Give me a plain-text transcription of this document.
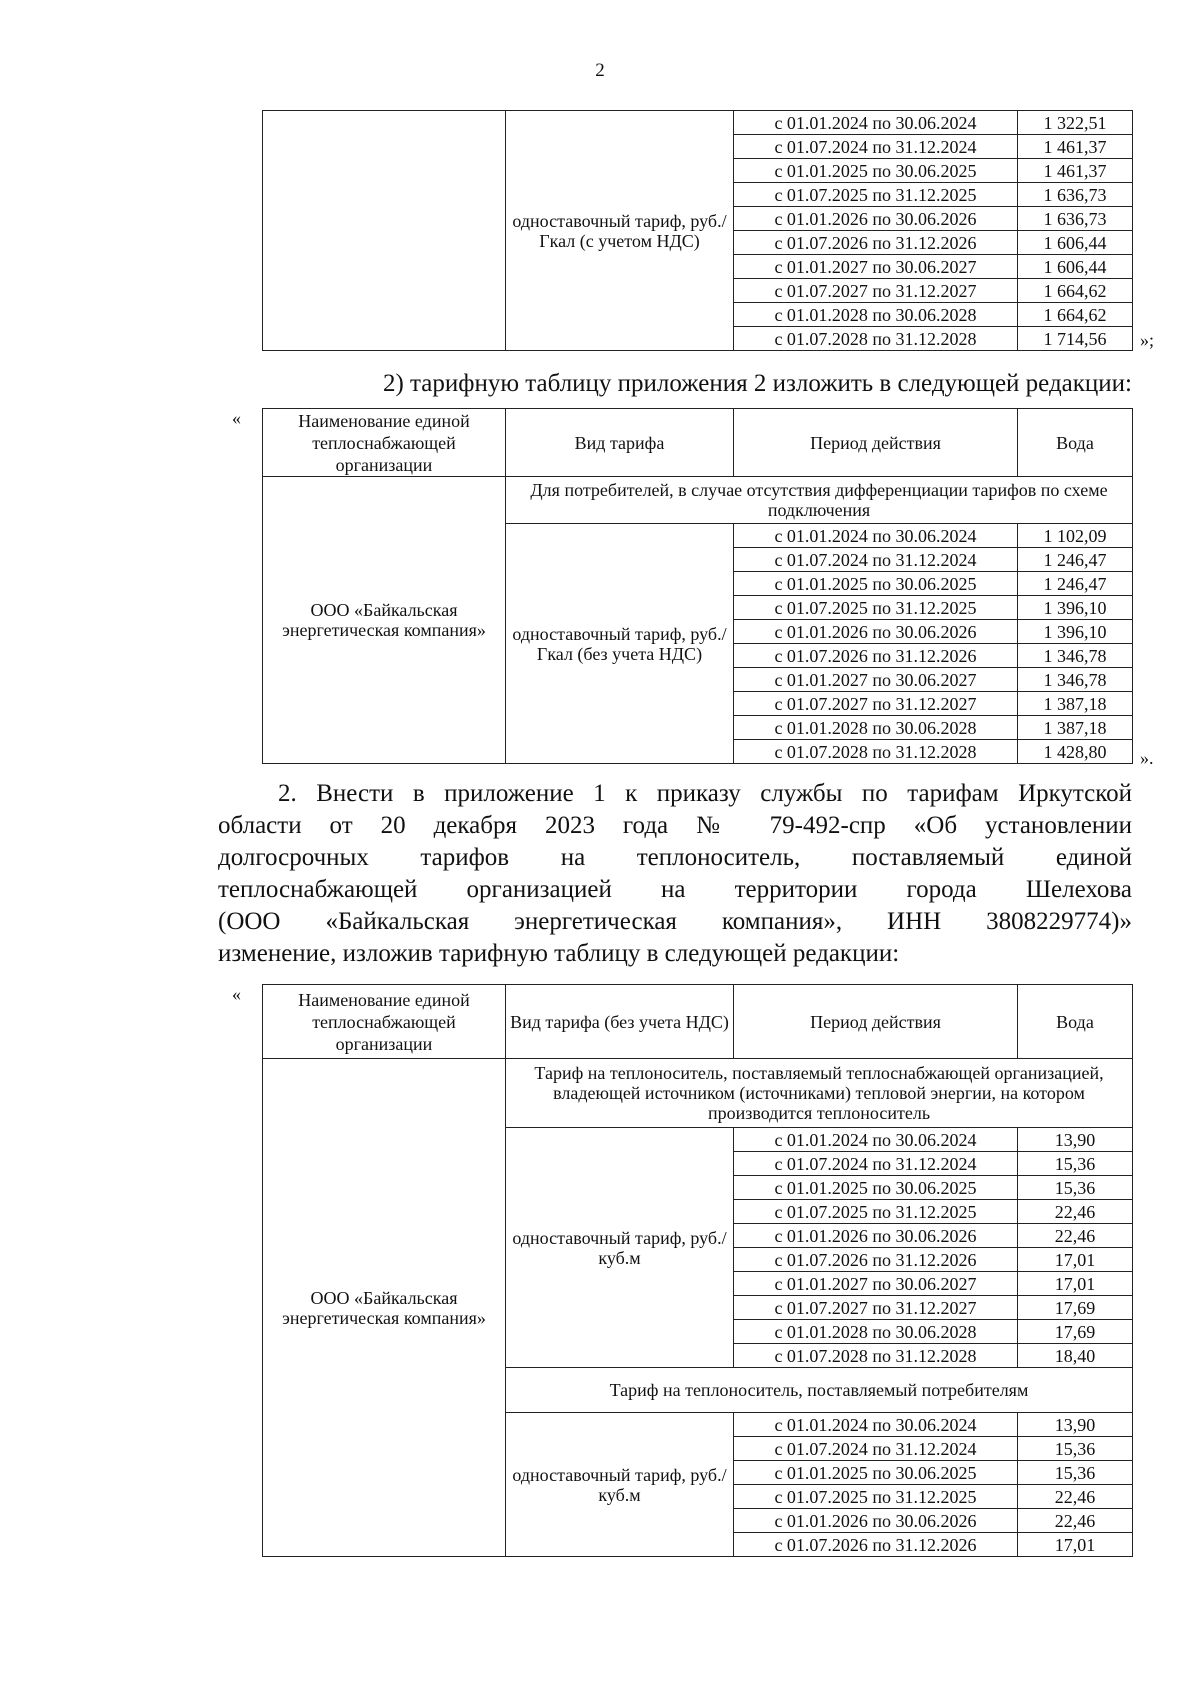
2
	одноставочный тариф, руб./Гкал (с учетом НДС)	с 01.01.2024 по 30.06.2024	1 322,51
		с 01.07.2024 по 31.12.2024	1 461,37
		с 01.01.2025 по 30.06.2025	1 461,37
		с 01.07.2025 по 31.12.2025	1 636,73
		с 01.01.2026 по 30.06.2026	1 636,73
		с 01.07.2026 по 31.12.2026	1 606,44
		с 01.01.2027 по 30.06.2027	1 606,44
		с 01.07.2027 по 31.12.2027	1 664,62
		с 01.01.2028 по 30.06.2028	1 664,62
		с 01.07.2028 по 31.12.2028	1 714,56 »;
2) тарифную таблицу приложения 2 изложить в следующей редакции:
«	Наименование единой теплоснабжающей организации	Вид тарифа	Период действия	Вода
ООО «Байкальская энергетическая компания»	Для потребителей, в случае отсутствия дифференциации тарифов по схеме подключения		
	одноставочный тариф, руб./Гкал (без учета НДС)	с 01.01.2024 по 30.06.2024	1 102,09
		с 01.07.2024 по 31.12.2024	1 246,47
		с 01.01.2025 по 30.06.2025	1 246,47
		с 01.07.2025 по 31.12.2025	1 396,10
		с 01.01.2026 по 30.06.2026	1 396,10
		с 01.07.2026 по 31.12.2026	1 346,78
		с 01.01.2027 по 30.06.2027	1 346,78
		с 01.07.2027 по 31.12.2027	1 387,18
		с 01.01.2028 по 30.06.2028	1 387,18
		с 01.07.2028 по 31.12.2028	1 428,80 ».
2. Внести в приложение 1 к приказу службы по тарифам Иркутской
области от 20 декабря 2023 года № 79-492-спр «Об установлении
долгосрочных тарифов на теплоноситель, поставляемый единой
теплоснабжающей организацией на территории города Шелехова
(ООО «Байкальская энергетическая компания», ИНН 3808229774)»
изменение, изложив тарифную таблицу в следующей редакции:
«	Наименование единой теплоснабжающей организации	Вид тарифа (без учета НДС)	Период действия	Вода
ООО «Байкальская энергетическая компания»	Тариф на теплоноситель, поставляемый теплоснабжающей организацией, владеющей источником (источниками) тепловой энергии, на котором производится теплоноситель		
	одноставочный тариф, руб./куб.м	с 01.01.2024 по 30.06.2024	13,90
		с 01.07.2024 по 31.12.2024	15,36
		с 01.01.2025 по 30.06.2025	15,36
		с 01.07.2025 по 31.12.2025	22,46
		с 01.01.2026 по 30.06.2026	22,46
		с 01.07.2026 по 31.12.2026	17,01
		с 01.01.2027 по 30.06.2027	17,01
		с 01.07.2027 по 31.12.2027	17,69
		с 01.01.2028 по 30.06.2028	17,69
		с 01.07.2028 по 31.12.2028	18,40
	Тариф на теплоноситель, поставляемый потребителям		
	одноставочный тариф, руб./куб.м	с 01.01.2024 по 30.06.2024	13,90
		с 01.07.2024 по 31.12.2024	15,36
		с 01.01.2025 по 30.06.2025	15,36
		с 01.07.2025 по 31.12.2025	22,46
		с 01.01.2026 по 30.06.2026	22,46
		с 01.07.2026 по 31.12.2026	17,01
